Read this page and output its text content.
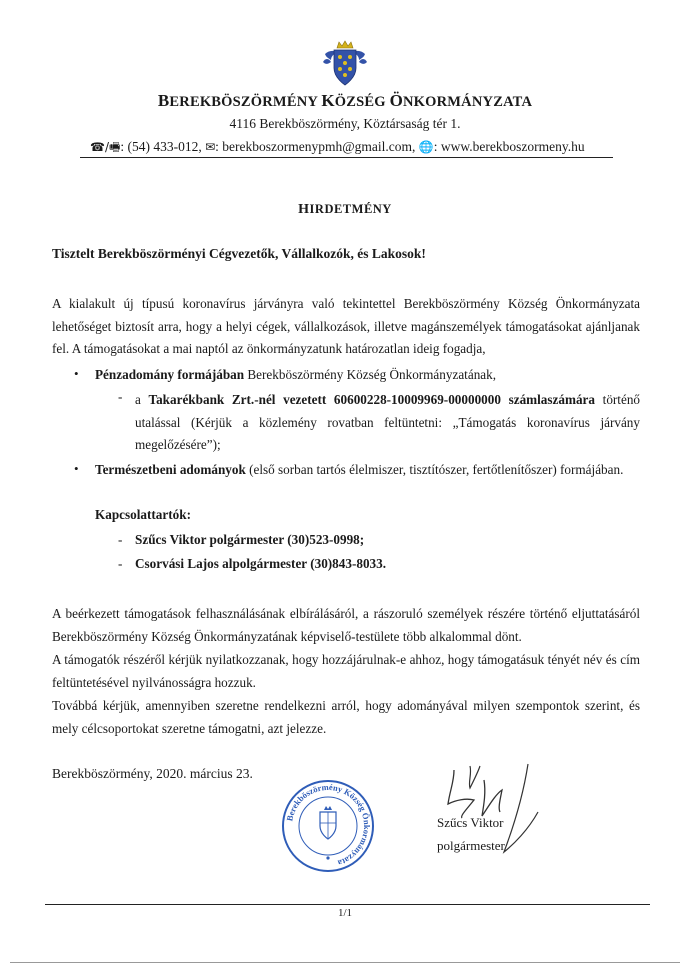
BEREKBÖSZÖRMÉNY KÖZSÉG ÖNKORMÁNYZATA
4116 Berekböszörmény, Köztársaság tér 1.
☎/🖷: (54) 433-012, ✉: berekboszormenypmh@gmail.com, 🌐: www.berekboszormeny.hu
HIRDETMÉNY
Tisztelt Berekböszörményi Cégvezetők, Vállalkozók, és Lakosok!
A kialakult új típusú koronavírus járványra való tekintettel Berekböszörmény Község Önkormányzata lehetőséget biztosít arra, hogy a helyi cégek, vállalkozások, illetve magánszemélyek támogatásokat ajánljanak fel. A támogatásokat a mai naptól az önkormányzatunk határozatlan ideig fogadja,
• Pénzadomány formájában Berekböszörmény Község Önkormányzatának,
- a Takarékbank Zrt.-nél vezetett 60600228-10009969-00000000 számlaszámára történő utalással (Kérjük a közlemény rovatban feltüntetni: „Támogatás koronavírus járvány megelőzésére”);
• Természetbeni adományok (első sorban tartós élelmiszer, tisztítószer, fertőtlenítőszer) formájában.
Kapcsolattartók:
- Szűcs Viktor polgármester (30)523-0998;
- Csorvási Lajos alpolgármester (30)843-8033.
A beérkezett támogatások felhasználásának elbírálásáról, a rászoruló személyek részére történő eljuttatásáról Berekböszörmény Község Önkormányzatának képviselő-testülete több alkalommal dönt.
A támogatók részéről kérjük nyilatkozzanak, hogy hozzájárulnak-e ahhoz, hogy támogatásuk tényét név és cím feltüntetésével nyilvánosságra hozzuk.
Továbbá kérjük, amennyiben szeretne rendelkezni arról, hogy adományával milyen szempontok szerint, és mely célcsoportokat szeretne támogatni, azt jelezze.
Berekböszörmény, 2020. március 23.
Berekböszörmény Község Önkormányzata
Szűcs Viktor
polgármester
1/1
